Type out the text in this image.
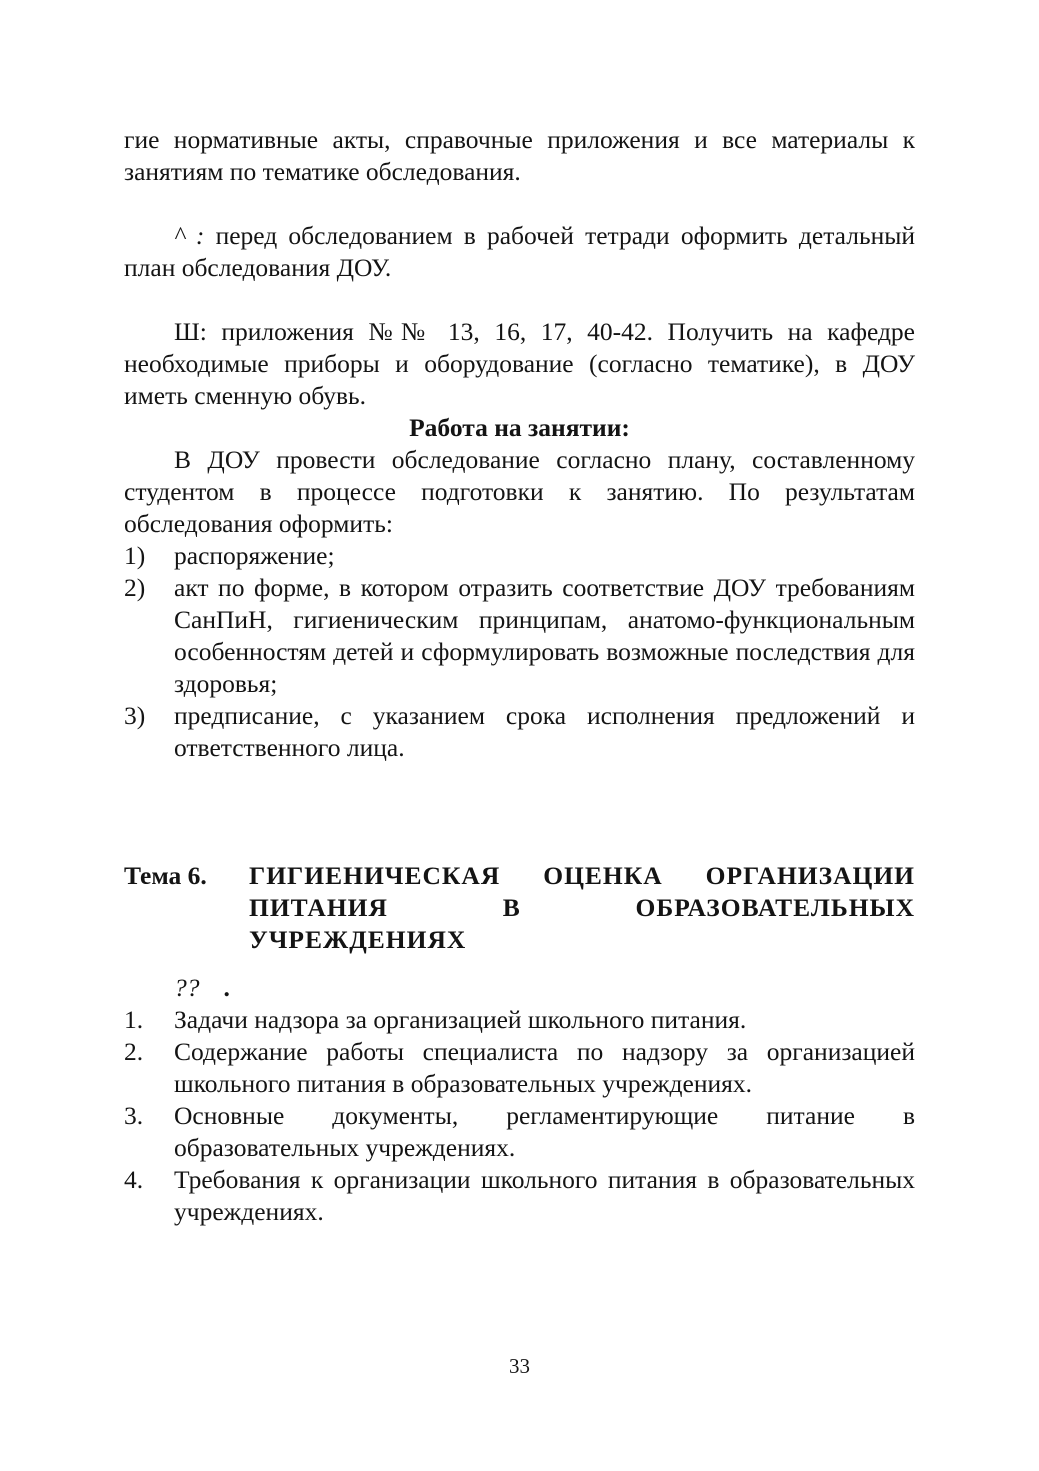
гие нормативные акты, справочные приложения и все материалы к занятиям по тематике обследования.

^ : перед обследованием в рабочей тетради оформить детальный план обследования ДОУ.

Ш: приложения №№ 13, 16, 17, 40-42. Получить на кафедре необходимые приборы и оборудование (согласно тематике), в ДОУ иметь сменную обувь.

Работа на занятии:

В ДОУ провести обследование согласно плану, составленному студентом в процессе подготовки к занятию. По результатам обследования оформить:

1)	распоряжение;
2)	акт по форме, в котором отразить соответствие ДОУ требованиям СанПиН, гигиеническим принципам, анатомо-функциональным особенностям детей и сформулировать возможные последствия для здоровья;
3)	предписание, с указанием срока исполнения предложений и ответственного лица.
Тема 6.	ГИГИЕНИЧЕСКАЯ ОЦЕНКА ОРГАНИЗАЦИИ ПИТАНИЯ В ОБРАЗОВАТЕЛЬНЫХ УЧРЕЖДЕНИЯХ

?? .

1.	Задачи надзора за организацией школьного питания.
2.	Содержание работы специалиста по надзору за организацией школьного питания в образовательных учреждениях.
3.	Основные документы, регламентирующие питание в образовательных учреждениях.
4.	Требования к организации школьного питания в образовательных учреждениях.
33
